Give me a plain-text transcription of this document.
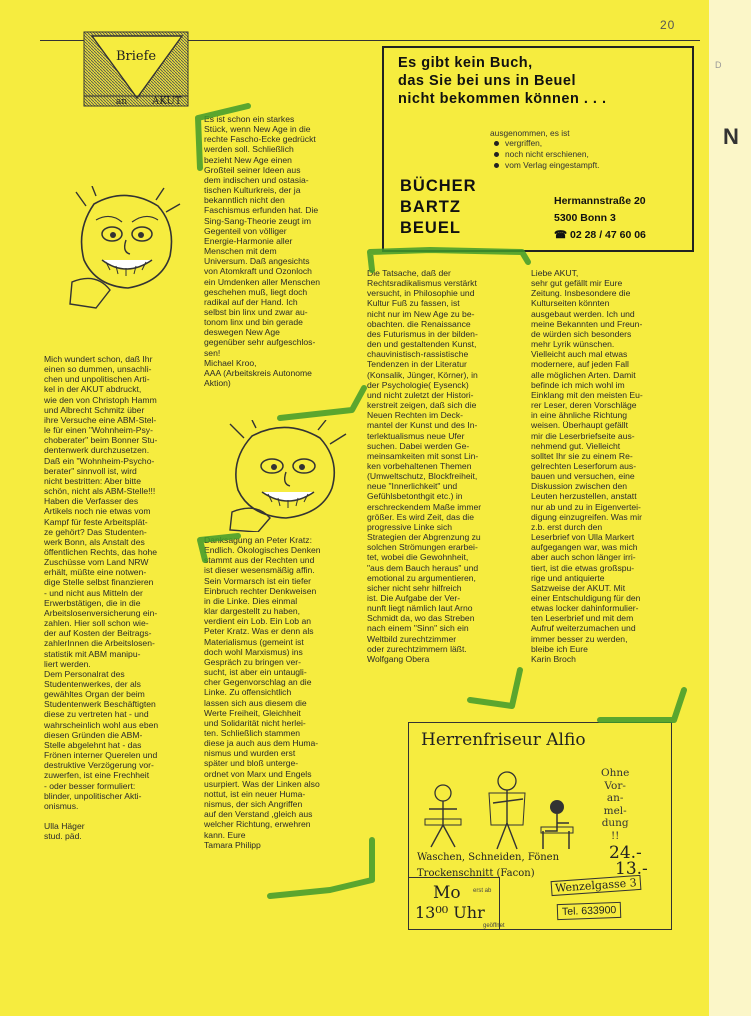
D
N
20
Briefe
an AKUT
Es gibt kein Buch,
das Sie bei uns in Beuel
nicht bekommen können . . .
ausgenommen, es ist
vergriffen,
noch nicht erschienen,
vom Verlag eingestampft.
BÜCHER
BARTZ
BEUEL
Hermannstraße 20
5300 Bonn 3
☎ 02 28 / 47 60 06
Mich wundert schon, daß Ihr
einen so dummen, unsachli-
chen und unpolitischen Arti-
kel in der AKUT abdruckt,
wie den von Christoph Hamm
und Albrecht Schmitz über
ihre Versuche eine ABM-Stel-
le für einen "Wohnheim-Psy-
choberater" beim Bonner Stu-
dentenwerk durchzusetzen.
Daß ein "Wohnheim-Psycho-
berater" sinnvoll ist, wird
nicht bestritten: Aber bitte
schön, nicht als ABM-Stelle!!!
Haben die Verfasser des
Artikels noch nie etwas vom
Kampf für feste Arbeitsplät-
ze gehört? Das Studenten-
werk Bonn, als Anstalt des
öffentlichen Rechts, das hohe
Zuschüsse vom Land NRW
erhält, müßte eine notwen-
dige Stelle selbst finanzieren
- und nicht aus Mitteln der
Erwerbstätigen, die in die
Arbeitslosenversicherung ein-
zahlen. Hier soll schon wie-
der auf Kosten der Beitrags-
zahlerInnen die Arbeitslosen-
statistik mit ABM manipu-
liert werden.
Dem Personalrat des
Studentenwerkes, der als
gewähltes Organ der beim
Studentenwerk Beschäftigten
diese zu vertreten hat - und
wahrscheinlich wohl aus eben
diesen Gründen die ABM-
Stelle abgelehnt hat - das
Frönen interner Querelen und
destruktive Verzögerung vor-
zuwerfen, ist eine Frechheit
- oder besser formuliert:
blinder, unpolitischer Akti-
onismus.

Ulla Häger
stud. päd.
Es ist schon ein starkes
Stück, wenn New Age in die
rechte Fascho-Ecke gedrückt
werden soll. Schließlich
bezieht New Age einen
Großteil seiner Ideen aus
dem indischen und ostasia-
tischen Kulturkreis, der ja
bekanntlich nicht den
Faschismus erfunden hat. Die
Sing-Sang-Theorie zeugt im
Gegenteil von völliger
Energie-Harmonie aller
Menschen mit dem
Universum. Daß angesichts
von Atomkraft und Ozonloch
ein Umdenken aller Menschen
geschehen muß, liegt doch
radikal auf der Hand. Ich
selbst bin linx und zwar au-
tonom linx und bin gerade
deswegen New Age
gegenüber sehr aufgeschlos-
sen!
Michael Kroo,
AAA (Arbeitskreis Autonome
Aktion)
Danksagung an Peter Kratz:
Endlich. Ökologisches Denken
stammt aus der Rechten und
ist dieser wesensmäßig affin.
Sein Vormarsch ist ein tiefer
Einbruch rechter Denkweisen
in die Linke. Dies einmal
klar dargestellt zu haben,
verdient ein Lob. Ein Lob an
Peter Kratz. Was er denn als
Materialismus (gemeint ist
doch wohl Marxismus) ins
Gespräch zu bringen ver-
sucht, ist aber ein untaugli-
cher Gegenvorschlag an die
Linke. Zu offensichtlich
lassen sich aus diesem die
Werte Freiheit, Gleichheit
und Solidarität nicht herlei-
ten. Schließlich stammen
diese ja auch aus dem Huma-
nismus und wurden erst
später und bloß unterge-
ordnet von Marx und Engels
usurpiert. Was der Linken also
nottut, ist ein neuer Huma-
nismus, der sich Angriffen
auf den Verstand ,gleich aus
welcher Richtung, erwehren
kann. Eure
Tamara Philipp
Die Tatsache, daß der
Rechtsradikalismus verstärkt
versucht, in Philosophie und
Kultur Fuß zu fassen, ist
nicht nur im New Age zu be-
obachten. die Renaissance
des Futurismus in der bilden-
den und gestaltenden Kunst,
chauvinistisch-rassistische
Tendenzen in der Literatur
(Konsalik, Jünger, Körner), in
der Psychologie( Eysenck)
und nicht zuletzt der Histori-
kerstreit zeigen, daß sich die
Neuen Rechten im Deck-
mantel der Kunst und des In-
terlektualismus neue Ufer
suchen. Dabei werden Ge-
meinsamkeiten mit sonst Lin-
ken vorbehaltenen Themen
(Umweltschutz, Blockfreiheit,
neue "Innerlichkeit" und
Gefühlsbetonthgit etc.) in
erschreckendem Maße immer
größer. Es wird Zeit, das die
progressive Linke sich
Strategien der Abgrenzung zu
solchen Strömungen erarbei-
tet, wobei die Gewohnheit,
"aus dem Bauch heraus" und
emotional zu argumentieren,
sicher nicht sehr hilfreich
ist. Die Aufgabe der Ver-
nunft liegt nämlich laut Arno
Schmidt da, wo das Streben
nach einem "Sinn" sich ein
Weltbild zurechtzimmer
oder zurechtzimmern läßt.
Wolfgang Obera
Liebe AKUT,
sehr gut gefällt mir Eure
Zeitung. Insbesondere die
Kulturseiten könnten
ausgebaut werden. Ich und
meine Bekannten und Freun-
de würden sich besonders
mehr Lyrik wünschen.
Vielleicht auch mal etwas
modernere, auf jeden Fall
alle möglichen Arten. Damit
befinde ich mich wohl im
Einklang mit den meisten Eu-
rer Leser, deren Vorschläge
in eine ähnliche Richtung
weisen. Überhaupt gefällt
mir die Leserbriefseite aus-
nehmend gut. Vielleicht
solltet Ihr sie zu einem Re-
gelrechten Leserforum aus-
bauen und versuchen, eine
Diskussion zwischen den
Leuten herzustellen, anstatt
nur ab und zu in Eigenvertei-
digung einzugreifen. Was mir
z.b. erst durch den
Leserbrief von Ulla Markert
aufgegangen war, was mich
aber auch schon länger irri-
tiert, ist die etwas großspu-
rige und antiquierte
Satzweise der AKUT. Mit
einer Entschuldigung für den
etwas locker dahinformulier-
ten Leserbrief und mit dem
Aufruf weiterzumachen und
immer besser zu werden,
bleibe ich Eure
Karin Broch
Herrenfriseur Alfio
Ohne
Vor-
an-
mel-
dung
!!
Waschen, Schneiden, Fönen
Trockenschnitt (Facon)
24.-
13.-
Mo erst ab
13⁰⁰ Uhr
geöffnet
Wenzelgasse 3
Tel. 633900
